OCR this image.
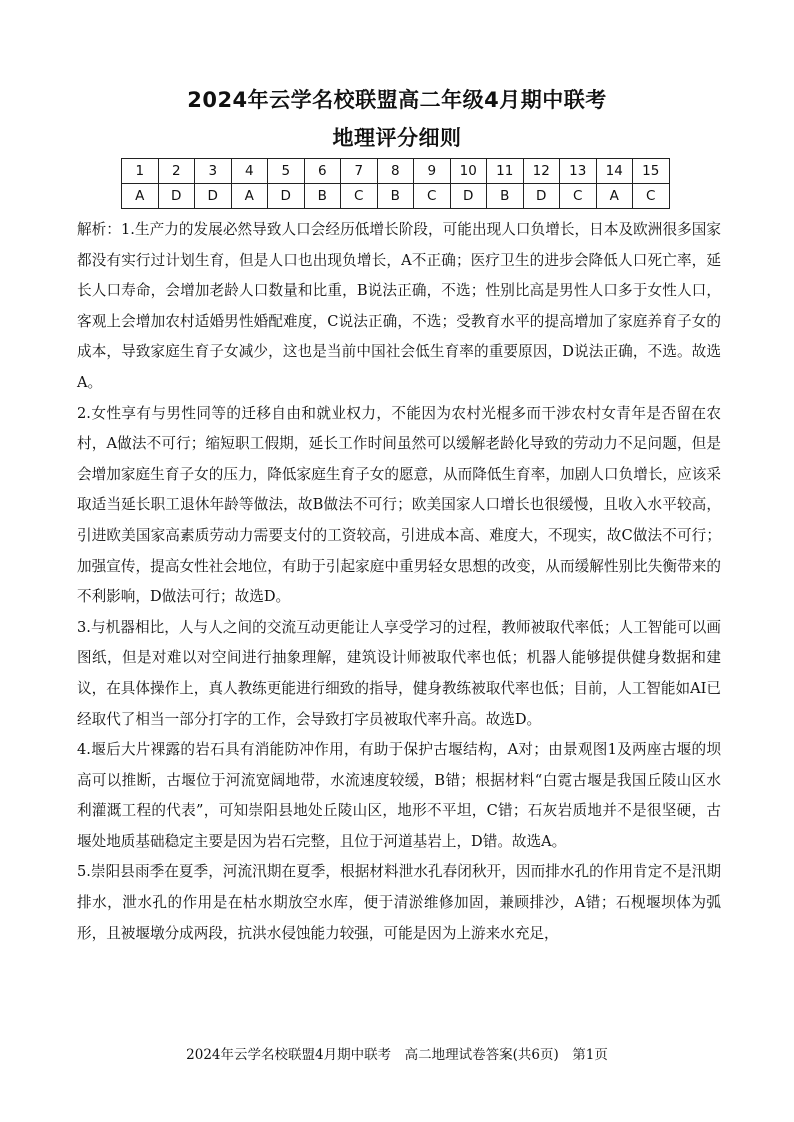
2024年云学名校联盟高二年级4月期中联考
地理评分细则
1	2	3	4	5	6	7	8	9	10	11	12	13	14	15
A	D	D	A	D	B	C	B	C	D	B	D	C	A	C

解析：1.生产力的发展必然导致人口会经历低增长阶段，可能出现人口负增长，日本及欧洲很多国家都没有实行过计划生育，但是人口也出现负增长，A不正确；医疗卫生的进步会降低人口死亡率，延长人口寿命，会增加老龄人口数量和比重，B说法正确，不选；性别比高是男性人口多于女性人口，客观上会增加农村适婚男性婚配难度，C说法正确，不选；受教育水平的提高增加了家庭养育子女的成本，导致家庭生育子女减少，这也是当前中国社会低生育率的重要原因，D说法正确，不选。故选A。

2.女性享有与男性同等的迁移自由和就业权力，不能因为农村光棍多而干涉农村女青年是否留在农村，A做法不可行；缩短职工假期，延长工作时间虽然可以缓解老龄化导致的劳动力不足问题，但是会增加家庭生育子女的压力，降低家庭生育子女的愿意，从而降低生育率，加剧人口负增长，应该采取适当延长职工退休年龄等做法，故B做法不可行；欧美国家人口增长也很缓慢，且收入水平较高，引进欧美国家高素质劳动力需要支付的工资较高，引进成本高、难度大，不现实，故C做法不可行；加强宣传，提高女性社会地位，有助于引起家庭中重男轻女思想的改变，从而缓解性别比失衡带来的不利影响，D做法可行；故选D。

3.与机器相比，人与人之间的交流互动更能让人享受学习的过程，教师被取代率低；人工智能可以画图纸，但是对难以对空间进行抽象理解，建筑设计师被取代率也低；机器人能够提供健身数据和建议，在具体操作上，真人教练更能进行细致的指导，健身教练被取代率也低；目前，人工智能如AI已经取代了相当一部分打字的工作，会导致打字员被取代率升高。故选D。

4.堰后大片裸露的岩石具有消能防冲作用，有助于保护古堰结构，A对；由景观图1及两座古堰的坝高可以推断，古堰位于河流宽阔地带，水流速度较缓，B错；根据材料“白霓古堰是我国丘陵山区水利灌溉工程的代表”，可知崇阳县地处丘陵山区，地形不平坦，C错；石灰岩质地并不是很坚硬，古堰处地质基础稳定主要是因为岩石完整，且位于河道基岩上，D错。故选A。

5.崇阳县雨季在夏季，河流汛期在夏季，根据材料泄水孔春闭秋开，因而排水孔的作用肯定不是汛期排水，泄水孔的作用是在枯水期放空水库，便于清淤维修加固，兼顾排沙，A错；石枧堰坝体为弧形，且被堰墩分成两段，抗洪水侵蚀能力较强，可能是因为上游来水充足，

2024年云学名校联盟4月期中联考　高二地理试卷答案(共6页)　第1页
